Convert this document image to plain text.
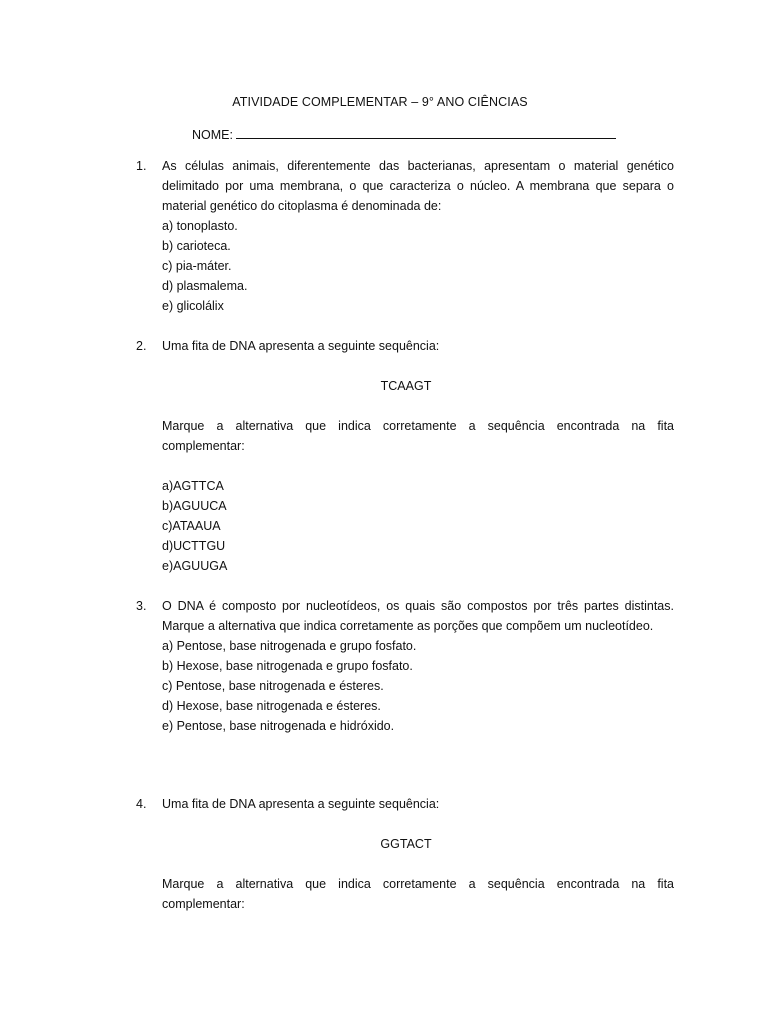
ATIVIDADE COMPLEMENTAR – 9° ANO CIÊNCIAS
NOME:
1.	As células animais, diferentemente das bacterianas, apresentam o material genético delimitado por uma membrana, o que caracteriza o núcleo. A membrana que separa o material genético do citoplasma é denominada de:

a) tonoplasto.
b) carioteca.
c) pia-máter.
d) plasmalema.
e) glicolálix
2.	Uma fita de DNA apresenta a seguinte sequência:

TCAAGT

Marque a alternativa que indica corretamente a sequência encontrada na fita complementar:

a)AGTTCA
b)AGUUCA
c)ATAAUA
d)UCTTGU
e)AGUUGA
3.	O DNA é composto por nucleotídeos, os quais são compostos por três partes distintas. Marque a alternativa que indica corretamente as porções que compõem um nucleotídeo.

a) Pentose, base nitrogenada e grupo fosfato.
b) Hexose, base nitrogenada e grupo fosfato.
c) Pentose, base nitrogenada e ésteres.
d) Hexose, base nitrogenada e ésteres.
e) Pentose, base nitrogenada e hidróxido.
4.	Uma fita de DNA apresenta a seguinte sequência:

GGTACT

Marque a alternativa que indica corretamente a sequência encontrada na fita complementar:
